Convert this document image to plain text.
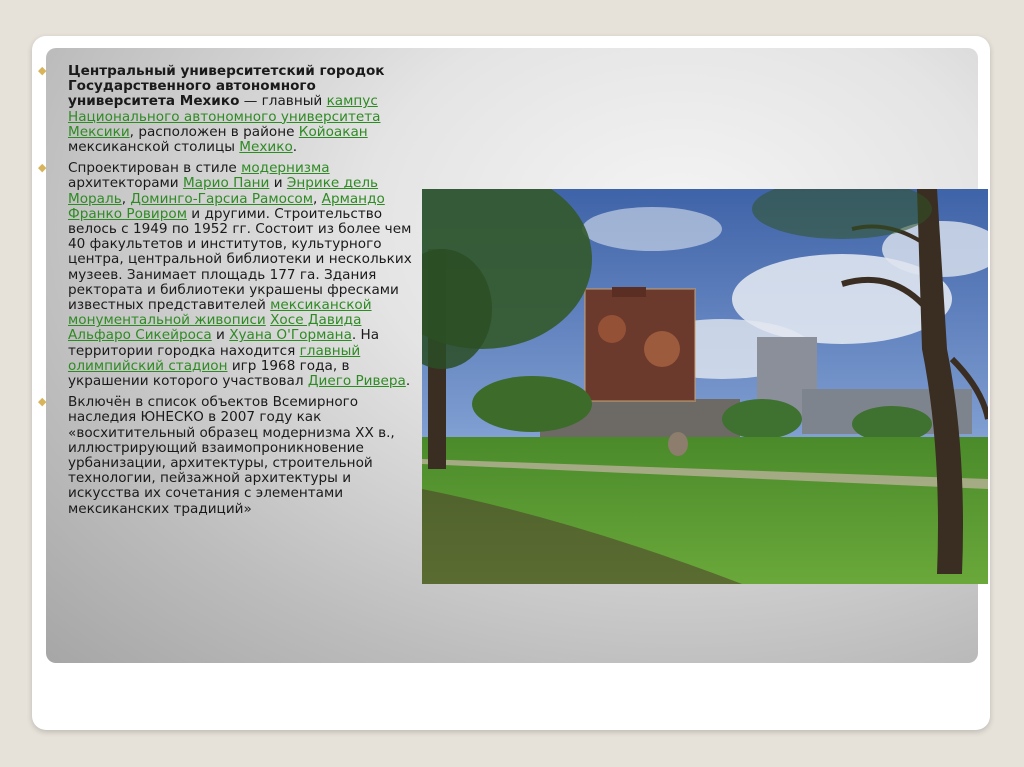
◆ Центральный университетский городок Государственного автономного университета Мехико — главный кампус Национального автономного университета Мексики, расположен в районе Койоакан мексиканской столицы Мехико.
◆ Спроектирован в стиле модернизма архитекторами Марио Пани и Энрике дель Мораль, Доминго-Гарсиа Рамосом, Армандо Франко Ровиром и другими. Строительство велось с 1949 по 1952 гг. Состоит из более чем 40 факультетов и институтов, культурного центра, центральной библиотеки и нескольких музеев. Занимает площадь 177 га. Здания ректората и библиотеки украшены фресками известных представителей мексиканской монументальной живописи Хосе Давида Альфаро Сикейроса и Хуана О'Гормана. На территории городка находится главный олимпийский стадион игр 1968 года, в украшении которого участвовал Диего Ривера.
◆ Включён в список объектов Всемирного наследия ЮНЕСКО в 2007 году как «восхитительный образец модернизма XX в., иллюстрирующий взаимопроникновение урбанизации, архитектуры, строительной технологии, пейзажной архитектуры и искусства их сочетания с элементами мексиканских традиций»
